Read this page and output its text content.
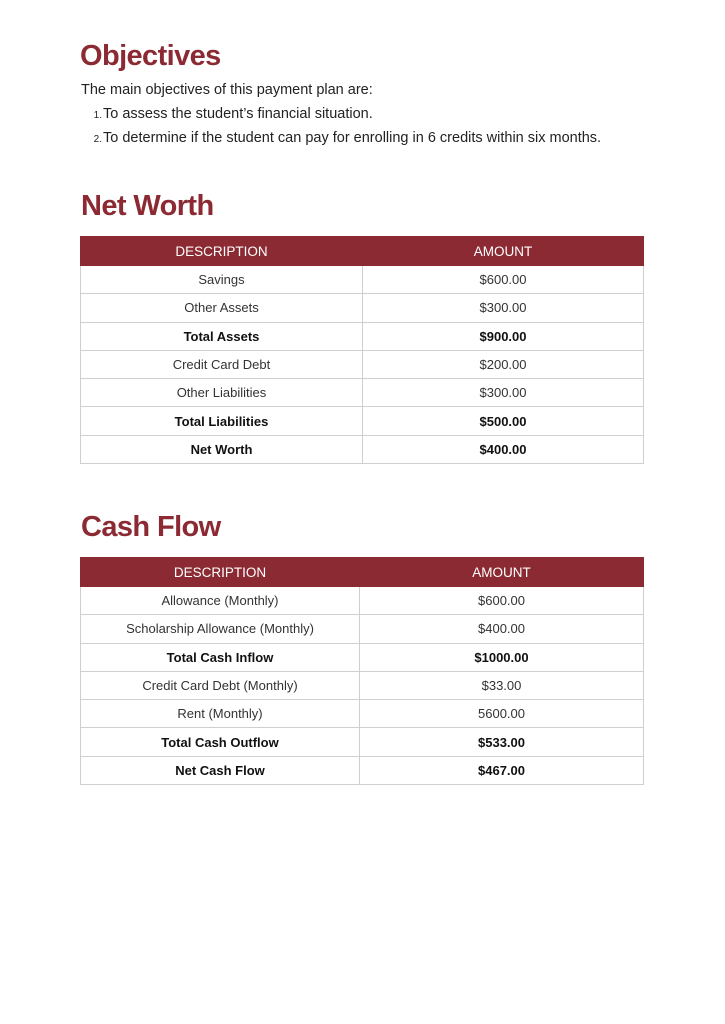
Objectives

The main objectives of this payment plan are:

1.To assess the student’s financial situation.
2.To determine if the student can pay for enrolling in 6 credits within six months.
Net Worth
DESCRIPTION	AMOUNT
Savings	$600.00
Other Assets	$300.00
Total Assets	$900.00
Credit Card Debt	$200.00
Other Liabilities	$300.00
Total Liabilities	$500.00
Net Worth	$400.00
Cash Flow
DESCRIPTION	AMOUNT
Allowance (Monthly)	$600.00
Scholarship Allowance (Monthly)	$400.00
Total Cash Inflow	$1000.00
Credit Card Debt (Monthly)	$33.00
Rent (Monthly)	5600.00
Total Cash Outflow	$533.00
Net Cash Flow	$467.00
